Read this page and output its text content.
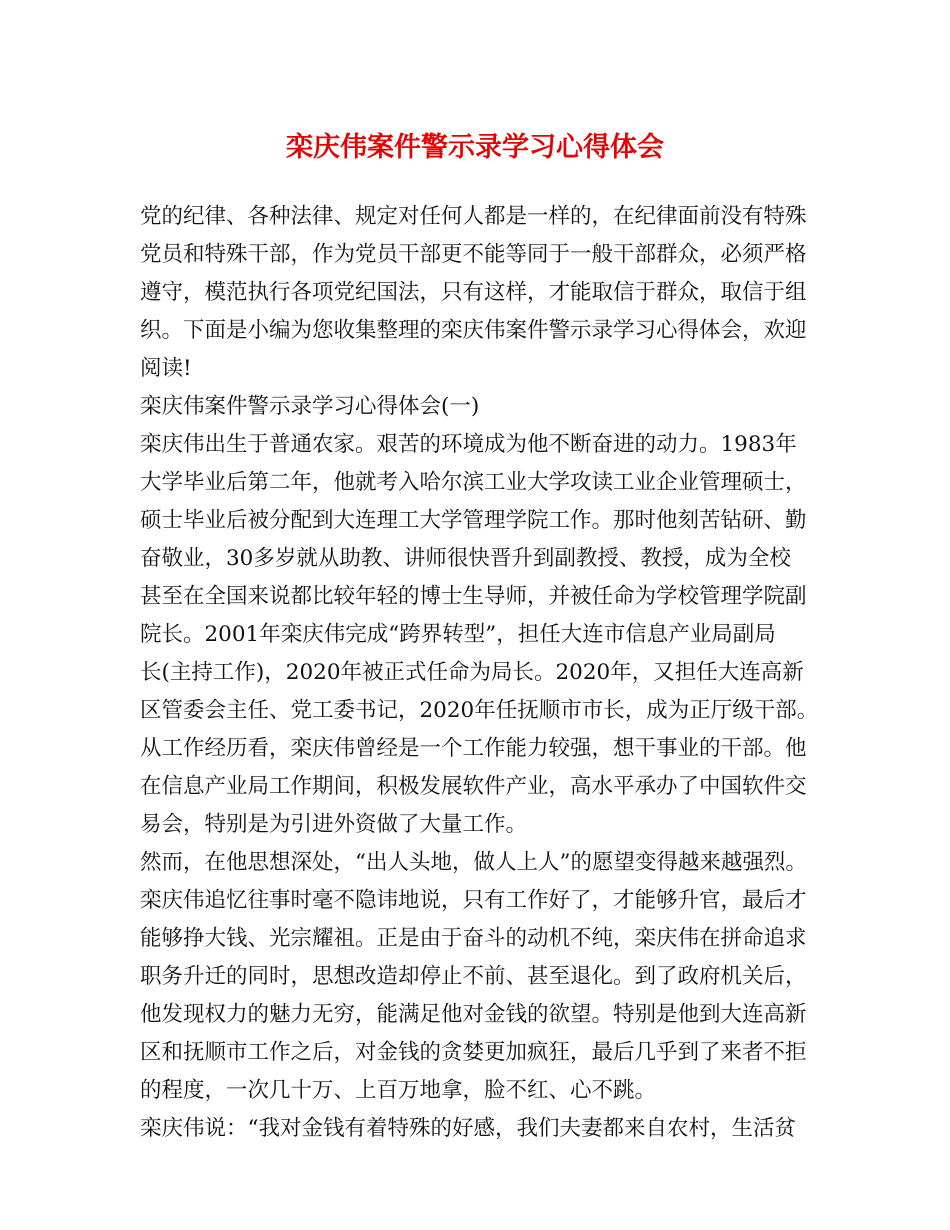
栾庆伟案件警示录学习心得体会
党的纪律、各种法律、规定对任何人都是一样的，在纪律面前没有特殊
党员和特殊干部，作为党员干部更不能等同于一般干部群众，必须严格
遵守，模范执行各项党纪国法，只有这样，才能取信于群众，取信于组
织。下面是小编为您收集整理的栾庆伟案件警示录学习心得体会，欢迎
阅读!
栾庆伟案件警示录学习心得体会(一)
栾庆伟出生于普通农家。艰苦的环境成为他不断奋进的动力。1983年
大学毕业后第二年，他就考入哈尔滨工业大学攻读工业企业管理硕士，
硕士毕业后被分配到大连理工大学管理学院工作。那时他刻苦钻研、勤
奋敬业，30多岁就从助教、讲师很快晋升到副教授、教授，成为全校
甚至在全国来说都比较年轻的博士生导师，并被任命为学校管理学院副
院长。2001年栾庆伟完成“跨界转型”，担任大连市信息产业局副局
长(主持工作)，2020年被正式任命为局长。2020年，又担任大连高新
区管委会主任、党工委书记，2020年任抚顺市市长，成为正厅级干部。
从工作经历看，栾庆伟曾经是一个工作能力较强，想干事业的干部。他
在信息产业局工作期间，积极发展软件产业，高水平承办了中国软件交
易会，特别是为引进外资做了大量工作。
然而，在他思想深处，“出人头地，做人上人”的愿望变得越来越强烈。
栾庆伟追忆往事时毫不隐讳地说，只有工作好了，才能够升官，最后才
能够挣大钱、光宗耀祖。正是由于奋斗的动机不纯，栾庆伟在拼命追求
职务升迁的同时，思想改造却停止不前、甚至退化。到了政府机关后，
他发现权力的魅力无穷，能满足他对金钱的欲望。特别是他到大连高新
区和抚顺市工作之后，对金钱的贪婪更加疯狂，最后几乎到了来者不拒
的程度，一次几十万、上百万地拿，脸不红、心不跳。
栾庆伟说：“我对金钱有着特殊的好感，我们夫妻都来自农村，生活贫
